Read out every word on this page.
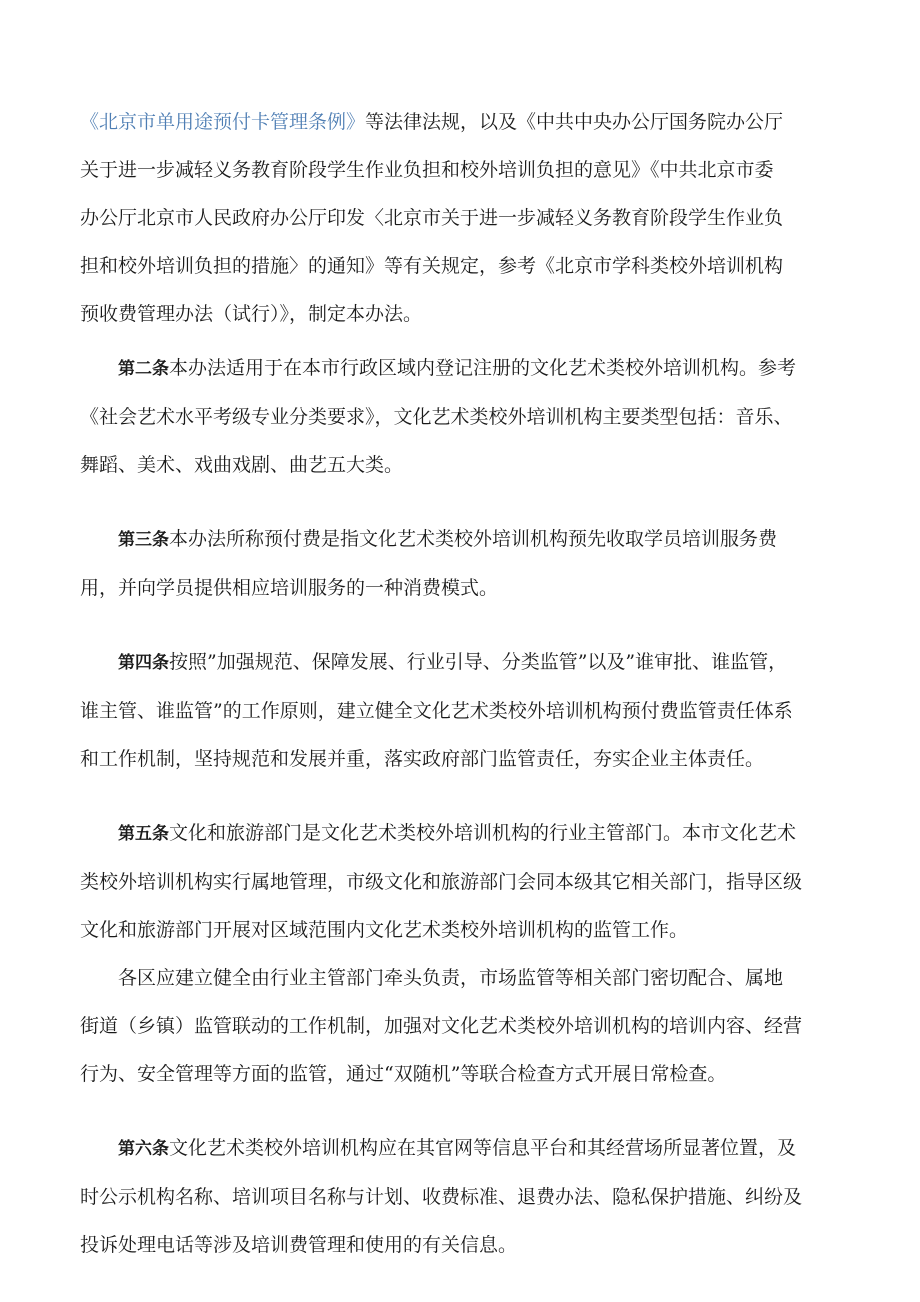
《北京市单用途预付卡管理条例》等法律法规，以及《中共中央办公厅国务院办公厅
关于进一步减轻义务教育阶段学生作业负担和校外培训负担的意见》《中共北京市委
办公厅北京市人民政府办公厅印发〈北京市关于进一步减轻义务教育阶段学生作业负
担和校外培训负担的措施〉的通知》等有关规定，参考《北京市学科类校外培训机构
预收费管理办法（试行）》，制定本办法。

第二条本办法适用于在本市行政区域内登记注册的文化艺术类校外培训机构。参考
《社会艺术水平考级专业分类要求》，文化艺术类校外培训机构主要类型包括：音乐、
舞蹈、美术、戏曲戏剧、曲艺五大类。

第三条本办法所称预付费是指文化艺术类校外培训机构预先收取学员培训服务费
用，并向学员提供相应培训服务的一种消费模式。

第四条按照”加强规范、保障发展、行业引导、分类监管”以及”谁审批、谁监管，
谁主管、谁监管”的工作原则，建立健全文化艺术类校外培训机构预付费监管责任体系
和工作机制，坚持规范和发展并重，落实政府部门监管责任，夯实企业主体责任。

第五条文化和旅游部门是文化艺术类校外培训机构的行业主管部门。本市文化艺术
类校外培训机构实行属地管理，市级文化和旅游部门会同本级其它相关部门，指导区级
文化和旅游部门开展对区域范围内文化艺术类校外培训机构的监管工作。
各区应建立健全由行业主管部门牵头负责，市场监管等相关部门密切配合、属地
街道（乡镇）监管联动的工作机制，加强对文化艺术类校外培训机构的培训内容、经营
行为、安全管理等方面的监管，通过“双随机”等联合检查方式开展日常检查。

第六条文化艺术类校外培训机构应在其官网等信息平台和其经营场所显著位置，及
时公示机构名称、培训项目名称与计划、收费标准、退费办法、隐私保护措施、纠纷及
投诉处理电话等涉及培训费管理和使用的有关信息。
